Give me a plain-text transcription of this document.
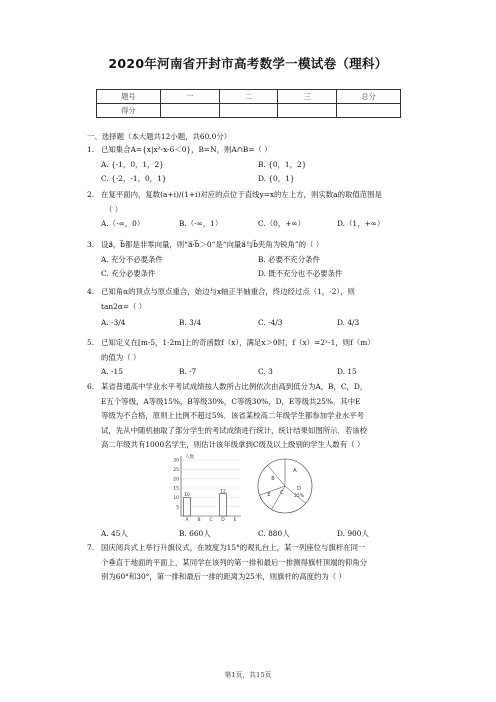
2020年河南省开封市高考数学一模试卷（理科）
题号	一	二	三	总分
得分				
一、选择题（本大题共12小题，共60.0分）
1. 已知集合A={x|x²-x-6＜0}，B=N，则A∩B=（ ）
A. {-1，0，1，2}	B. {0，1，2}
C. {-2，-1，0，1}	D. {0，1}
2. 在复平面内，复数(a+i)/(1+i)对应的点位于直线y=x的左上方，则实数a的取值范围是
（ ）
A.（-∞，0）	B.（-∞，1）	C.（0，+∞）	D.（1，+∞）
3. 设a⃗，b⃗都是非零向量，则“a⃗·b⃗＞0”是“向量a⃗与b⃗夹角为锐角”的（ ）
A. 充分不必要条件	B. 必要不充分条件
C. 充分必要条件	D. 既不充分也不必要条件
4. 已知角α的顶点与原点重合，始边与x轴正半轴重合，终边经过点（1，-2），则
tan2α=（ ）
A. -3/4	B. 3/4	C. -4/3	D. 4/3
5. 已知定义在[m-5，1-2m]上的奇函数f（x），满足x＞0时，f（x）=2ˣ-1，则f（m）
的值为（ ）
A. -15	B. -7	C. 3	D. 15
6. 某省普通高中学业水平考试成绩按人数所占比例依次由高到低分为A，B，C，D，
E五个等级，A等级15%，B等级30%，C等级30%，D，E等级共25%．其中E
等级为不合格，原则上比例不超过5%．该省某校高二年级学生都参加学业水平考
试，先从中随机抽取了部分学生的考试成绩进行统计，统计结果如图所示．若该校
高二年级共有1000名学生，则估计该年级拿到C级及以上级别的学生人数有（ ）
人数
30
25
20
15
10
5
10
A B C
12
D E
A
B
C
D
E	25%
A. 45人	B. 660人	C. 880人	D. 900人
7. 国庆阅兵式上举行升旗仪式，在坡度为15°的观礼台上，某一列座位与旗杆在同一
个垂直于地面的平面上，某同学在该列的第一排和最后一排测得旗杆顶端的仰角分
别为60°和30°，第一排和最后一排的距离为25米，则旗杆的高度约为（ ）
第1页，共15页
